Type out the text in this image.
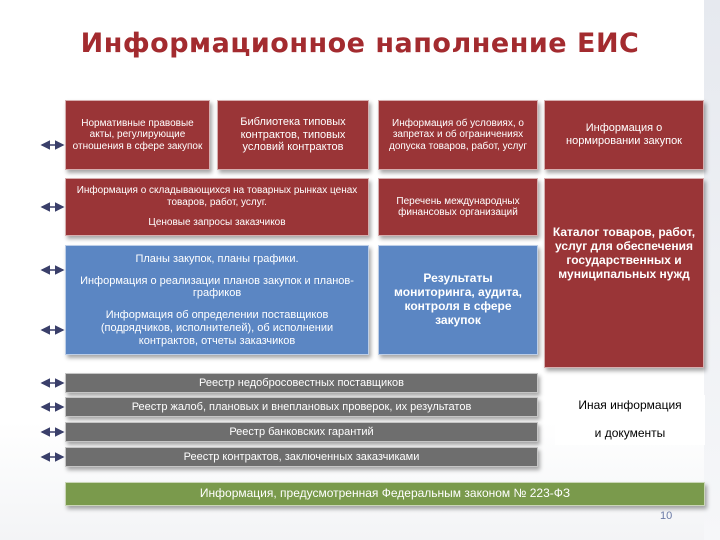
Информационное наполнение ЕИС
Нормативные правовые акты, регулирующие отношения в сфере закупок
Библиотека типовых контрактов, типовых условий контрактов
Информация об условиях, о запретах и об ограничениях допуска товаров, работ, услуг
Информация о нормировании закупок
Информация о складывающихся на товарных рынках ценах товаров, работ, услуг.
Ценовые запросы заказчиков
Перечень международных финансовых организаций
Каталог товаров, работ, услуг для обеспечения государственных и муниципальных нужд
Планы закупок, планы графики.
Информация о реализации планов закупок и планов-графиков
Информация об определении поставщиков (подрядчиков, исполнителей), об исполнении контрактов, отчеты заказчиков
Результаты мониторинга, аудита, контроля в сфере закупок
Реестр недобросовестных поставщиков
Реестр жалоб, плановых и внеплановых проверок, их результатов
Реестр банковских гарантий
Реестр контрактов, заключенных заказчиками
Иная информация
и документы
Информация, предусмотренная Федеральным законом № 223-ФЗ
10
